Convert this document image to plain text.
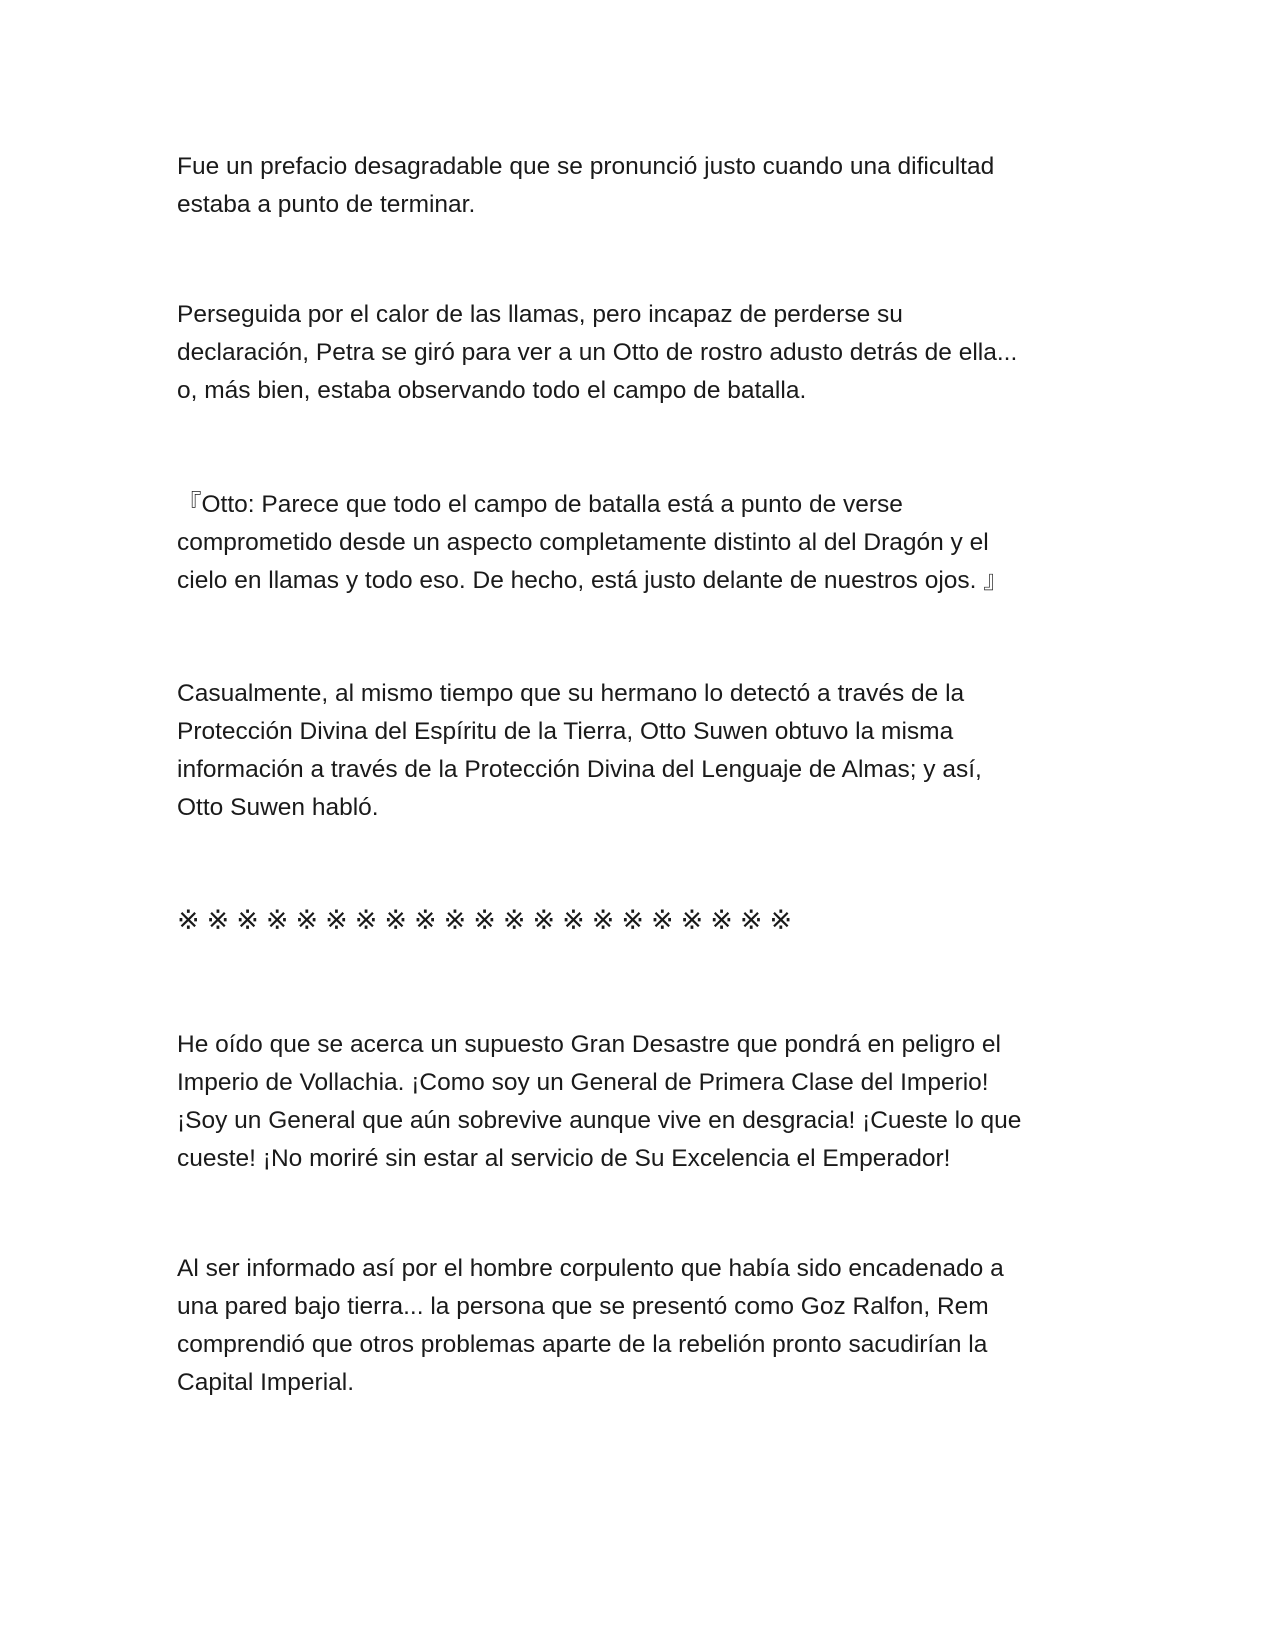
Fue un prefacio desagradable que se pronunció justo cuando una dificultad
estaba a punto de terminar.

Perseguida por el calor de las llamas, pero incapaz de perderse su
declaración, Petra se giró para ver a un Otto de rostro adusto detrás de ella...
o, más bien, estaba observando todo el campo de batalla.

『Otto: Parece que todo el campo de batalla está a punto de verse
comprometido desde un aspecto completamente distinto al del Dragón y el
cielo en llamas y todo eso. De hecho, está justo delante de nuestros ojos. 』

Casualmente, al mismo tiempo que su hermano lo detectó a través de la
Protección Divina del Espíritu de la Tierra, Otto Suwen obtuvo la misma
información a través de la Protección Divina del Lenguaje de Almas; y así,
Otto Suwen habló.

※※※※※※※※※※※※※※※※※※※※※

He oído que se acerca un supuesto Gran Desastre que pondrá en peligro el
Imperio de Vollachia. ¡Como soy un General de Primera Clase del Imperio!
¡Soy un General que aún sobrevive aunque vive en desgracia! ¡Cueste lo que
cueste! ¡No moriré sin estar al servicio de Su Excelencia el Emperador!

Al ser informado así por el hombre corpulento que había sido encadenado a
una pared bajo tierra... la persona que se presentó como Goz Ralfon, Rem
comprendió que otros problemas aparte de la rebelión pronto sacudirían la
Capital Imperial.
